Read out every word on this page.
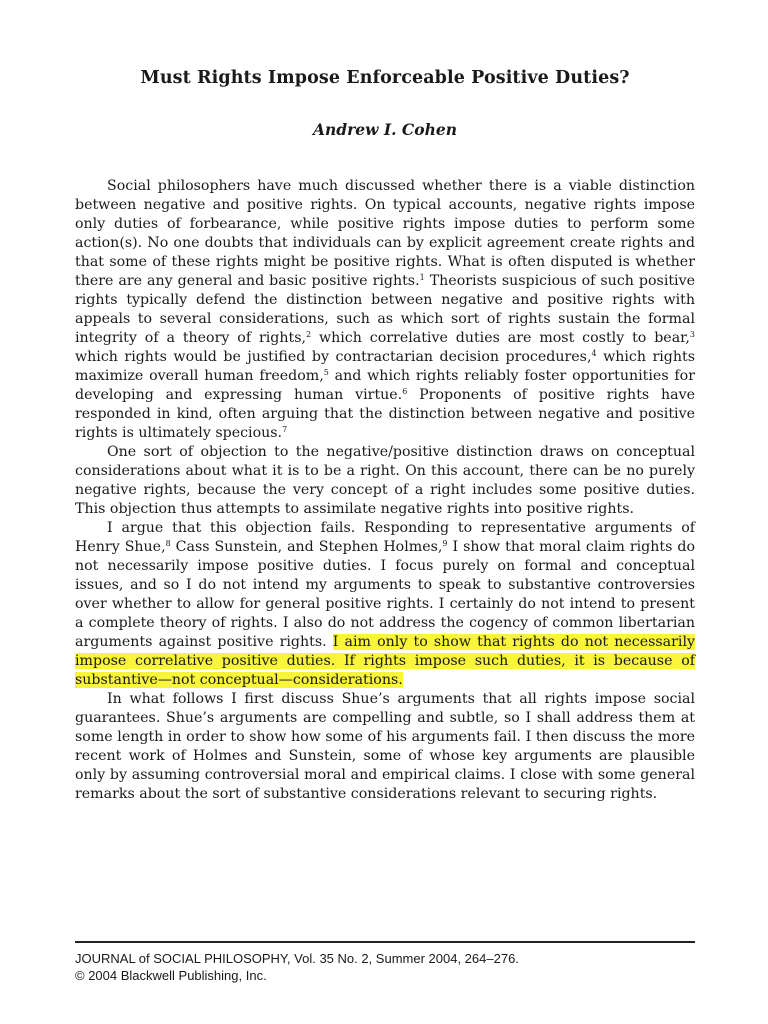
Must Rights Impose Enforceable Positive Duties?
Andrew I. Cohen

Social philosophers have much discussed whether there is a viable distinction between negative and positive rights. On typical accounts, negative rights impose only duties of forbearance, while positive rights impose duties to perform some action(s). No one doubts that individuals can by explicit agreement create rights and that some of these rights might be positive rights. What is often disputed is whether there are any general and basic positive rights.$^1$ Theorists suspicious of such positive rights typically defend the distinction between negative and positive rights with appeals to several considerations, such as which sort of rights sustain the formal integrity of a theory of rights,$^2$ which correlative duties are most costly to bear,$^3$ which rights would be justified by contractarian decision procedures,$^4$ which rights maximize overall human freedom,$^5$ and which rights reliably foster opportunities for developing and expressing human virtue.$^6$ Proponents of positive rights have responded in kind, often arguing that the distinction between negative and positive rights is ultimately specious.$^7$

One sort of objection to the negative/positive distinction draws on conceptual considerations about what it is to be a right. On this account, there can be no purely negative rights, because the very concept of a right includes some positive duties. This objection thus attempts to assimilate negative rights into positive rights.

I argue that this objection fails. Responding to representative arguments of Henry Shue,$^8$ Cass Sunstein, and Stephen Holmes,$^9$ I show that moral claim rights do not necessarily impose positive duties. I focus purely on formal and conceptual issues, and so I do not intend my arguments to speak to substantive controversies over whether to allow for general positive rights. I certainly do not intend to present a complete theory of rights. I also do not address the cogency of common libertarian arguments against positive rights. I aim only to show that rights do not necessarily impose correlative positive duties. If rights impose such duties, it is because of substantive—not conceptual—considerations.

In what follows I first discuss Shue’s arguments that all rights impose social guarantees. Shue’s arguments are compelling and subtle, so I shall address them at some length in order to show how some of his arguments fail. I then discuss the more recent work of Holmes and Sunstein, some of whose key arguments are plausible only by assuming controversial moral and empirical claims. I close with some general remarks about the sort of substantive considerations relevant to securing rights.

JOURNAL of SOCIAL PHILOSOPHY, Vol. 35 No. 2, Summer 2004, 264–276.
© 2004 Blackwell Publishing, Inc.
